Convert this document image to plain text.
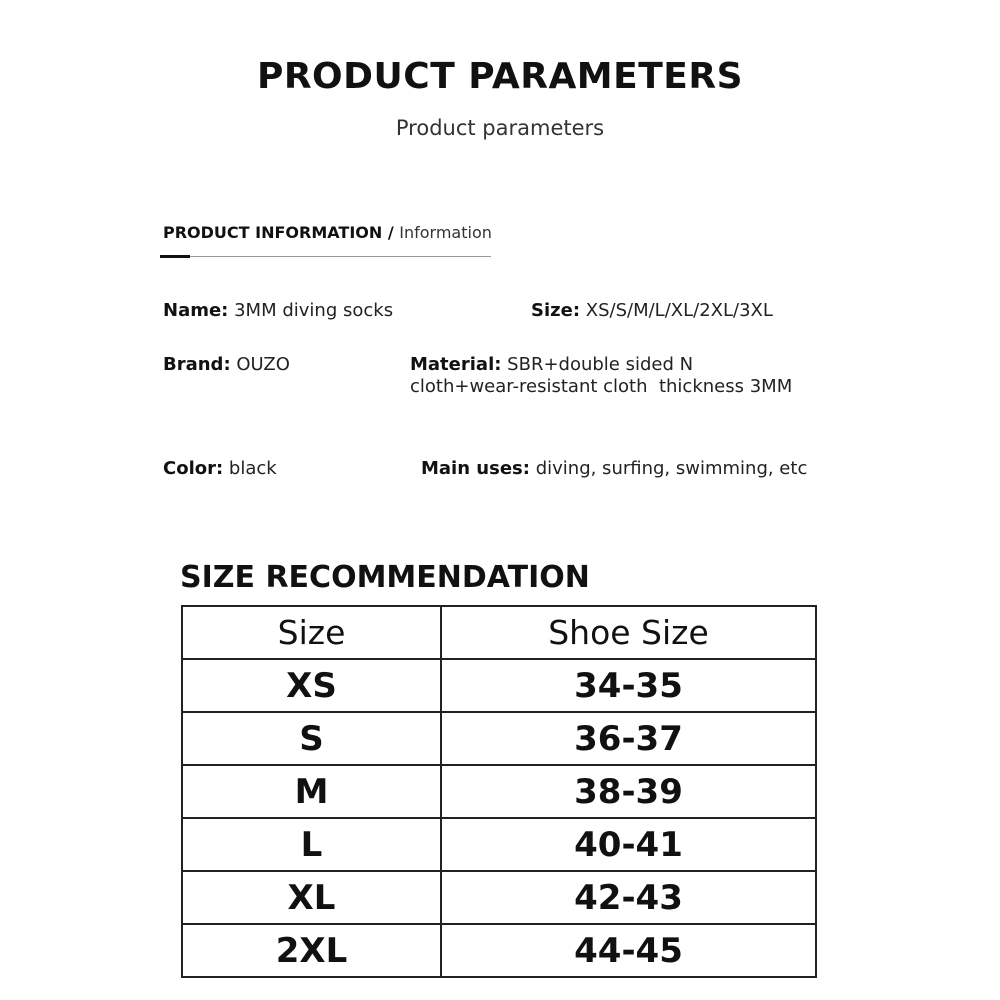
PRODUCT PARAMETERS
Product parameters
PRODUCT INFORMATION / Information
Name: 3MM diving socks	Size: XS/S/M/L/XL/2XL/3XL
Brand: OUZO	Material: SBR+double sided N
cloth+wear-resistant cloth  thickness 3MM
Color: black	Main uses: diving, surfing, swimming, etc
SIZE RECOMMENDATION
Size	Shoe Size
XS	34-35
S	36-37
M	38-39
L	40-41
XL	42-43
2XL	44-45
